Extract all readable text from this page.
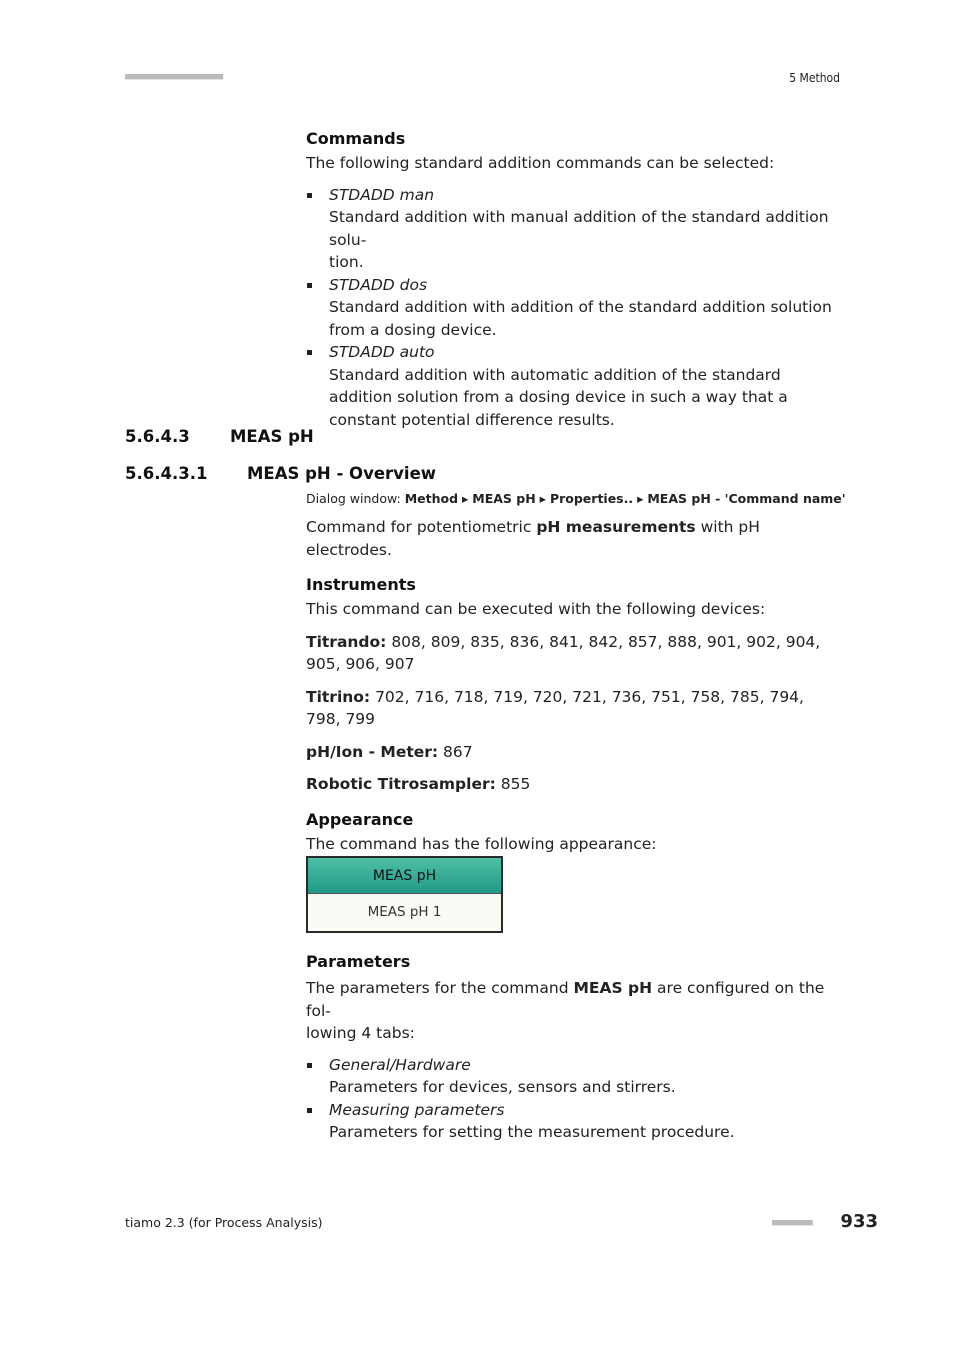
■■■■■■■■■■■■■■■■■■■■■■	5 Method
Commands
The following standard addition commands can be selected:
STDADD man
Standard addition with manual addition of the standard addition solu-
tion.
STDADD dos
Standard addition with addition of the standard addition solution from a dosing device.
STDADD auto
Standard addition with automatic addition of the standard addition solution from a dosing device in such a way that a constant potential difference results.
5.6.4.3 MEAS pH
5.6.4.3.1 MEAS pH - Overview
Dialog window: Method ▸ MEAS pH ▸ Properties.. ▸ MEAS pH - 'Command name'
Command for potentiometric pH measurements with pH electrodes.
Instruments
This command can be executed with the following devices:
Titrando: 808, 809, 835, 836, 841, 842, 857, 888, 901, 902, 904, 905, 906, 907
Titrino: 702, 716, 718, 719, 720, 721, 736, 751, 758, 785, 794, 798, 799
pH/Ion - Meter: 867
Robotic Titrosampler: 855
Appearance
The command has the following appearance:
MEAS pH
MEAS pH 1
Parameters
The parameters for the command MEAS pH are configured on the fol-
lowing 4 tabs:
General/Hardware
Parameters for devices, sensors and stirrers.
Measuring parameters
Parameters for setting the measurement procedure.
tiamo 2.3 (for Process Analysis)	■■■■■■■■■ 933
